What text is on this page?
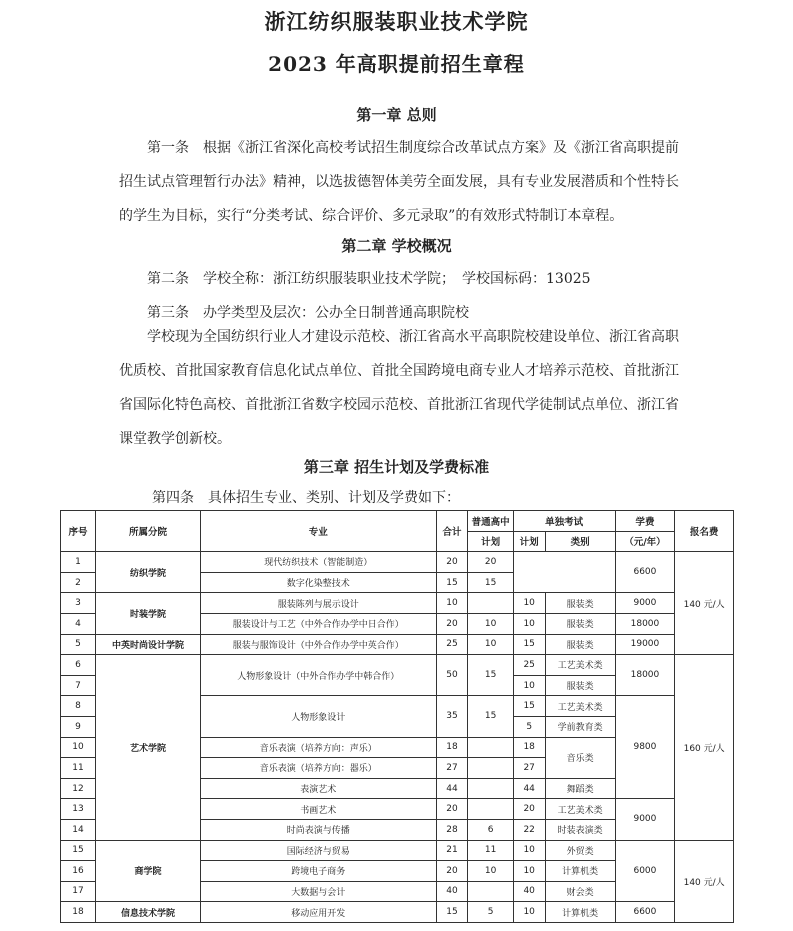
浙江纺织服装职业技术学院
2023 年高职提前招生章程
第一章 总则

第一条　根据《浙江省深化高校考试招生制度综合改革试点方案》及《浙江省高职提前招生试点管理暂行办法》精神，以选拔德智体美劳全面发展，具有专业发展潜质和个性特长的学生为目标，实行“分类考试、综合评价、多元录取”的有效形式特制订本章程。

第二章 学校概况
第二条　学校全称：浙江纺织服装职业技术学院；　学校国标码：13025
第三条　办学类型及层次：公办全日制普通高职院校

学校现为全国纺织行业人才建设示范校、浙江省高水平高职院校建设单位、浙江省高职优质校、首批国家教育信息化试点单位、首批全国跨境电商专业人才培养示范校、首批浙江省国际化特色高校、首批浙江省数字校园示范校、首批浙江省现代学徒制试点单位、浙江省课堂教学创新校。

第三章 招生计划及学费标准
第四条　具体招生专业、类别、计划及学费如下：
序号	所属分院	专业	合计	普通高中	单独考试		学费	报名费
				计划	计划	类别	（元/年）	
1	纺织学院	现代纺织技术（智能制造）	20	20			6600	140 元/人
2		数字化染整技术	15	15				
3	时装学院	服装陈列与展示设计	10		10	服装类	9000	
4		服装设计与工艺（中外合作办学中日合作）	20	10	10	服装类	18000	
5	中英时尚设计学院	服装与服饰设计（中外合作办学中英合作）	25	10	15	服装类	19000	
6	艺术学院	人物形象设计（中外合作办学中韩合作）	50	15	25	工艺美术类	18000	160 元/人
7					10	服装类		
8		人物形象设计	35	15	15	工艺美术类	9800	
9					5	学前教育类		
10		音乐表演（培养方向：声乐）	18		18	音乐类		
11		音乐表演（培养方向：器乐）	27		27			
12		表演艺术	44		44	舞蹈类		
13		书画艺术	20		20	工艺美术类	9000	
14		时尚表演与传播	28	6	22	时装表演类		
15	商学院	国际经济与贸易	21	11	10	外贸类	6000	140 元/人
16		跨境电子商务	20	10	10	计算机类		
17		大数据与会计	40		40	财会类		
18	信息技术学院	移动应用开发	15	5	10	计算机类	6600	
